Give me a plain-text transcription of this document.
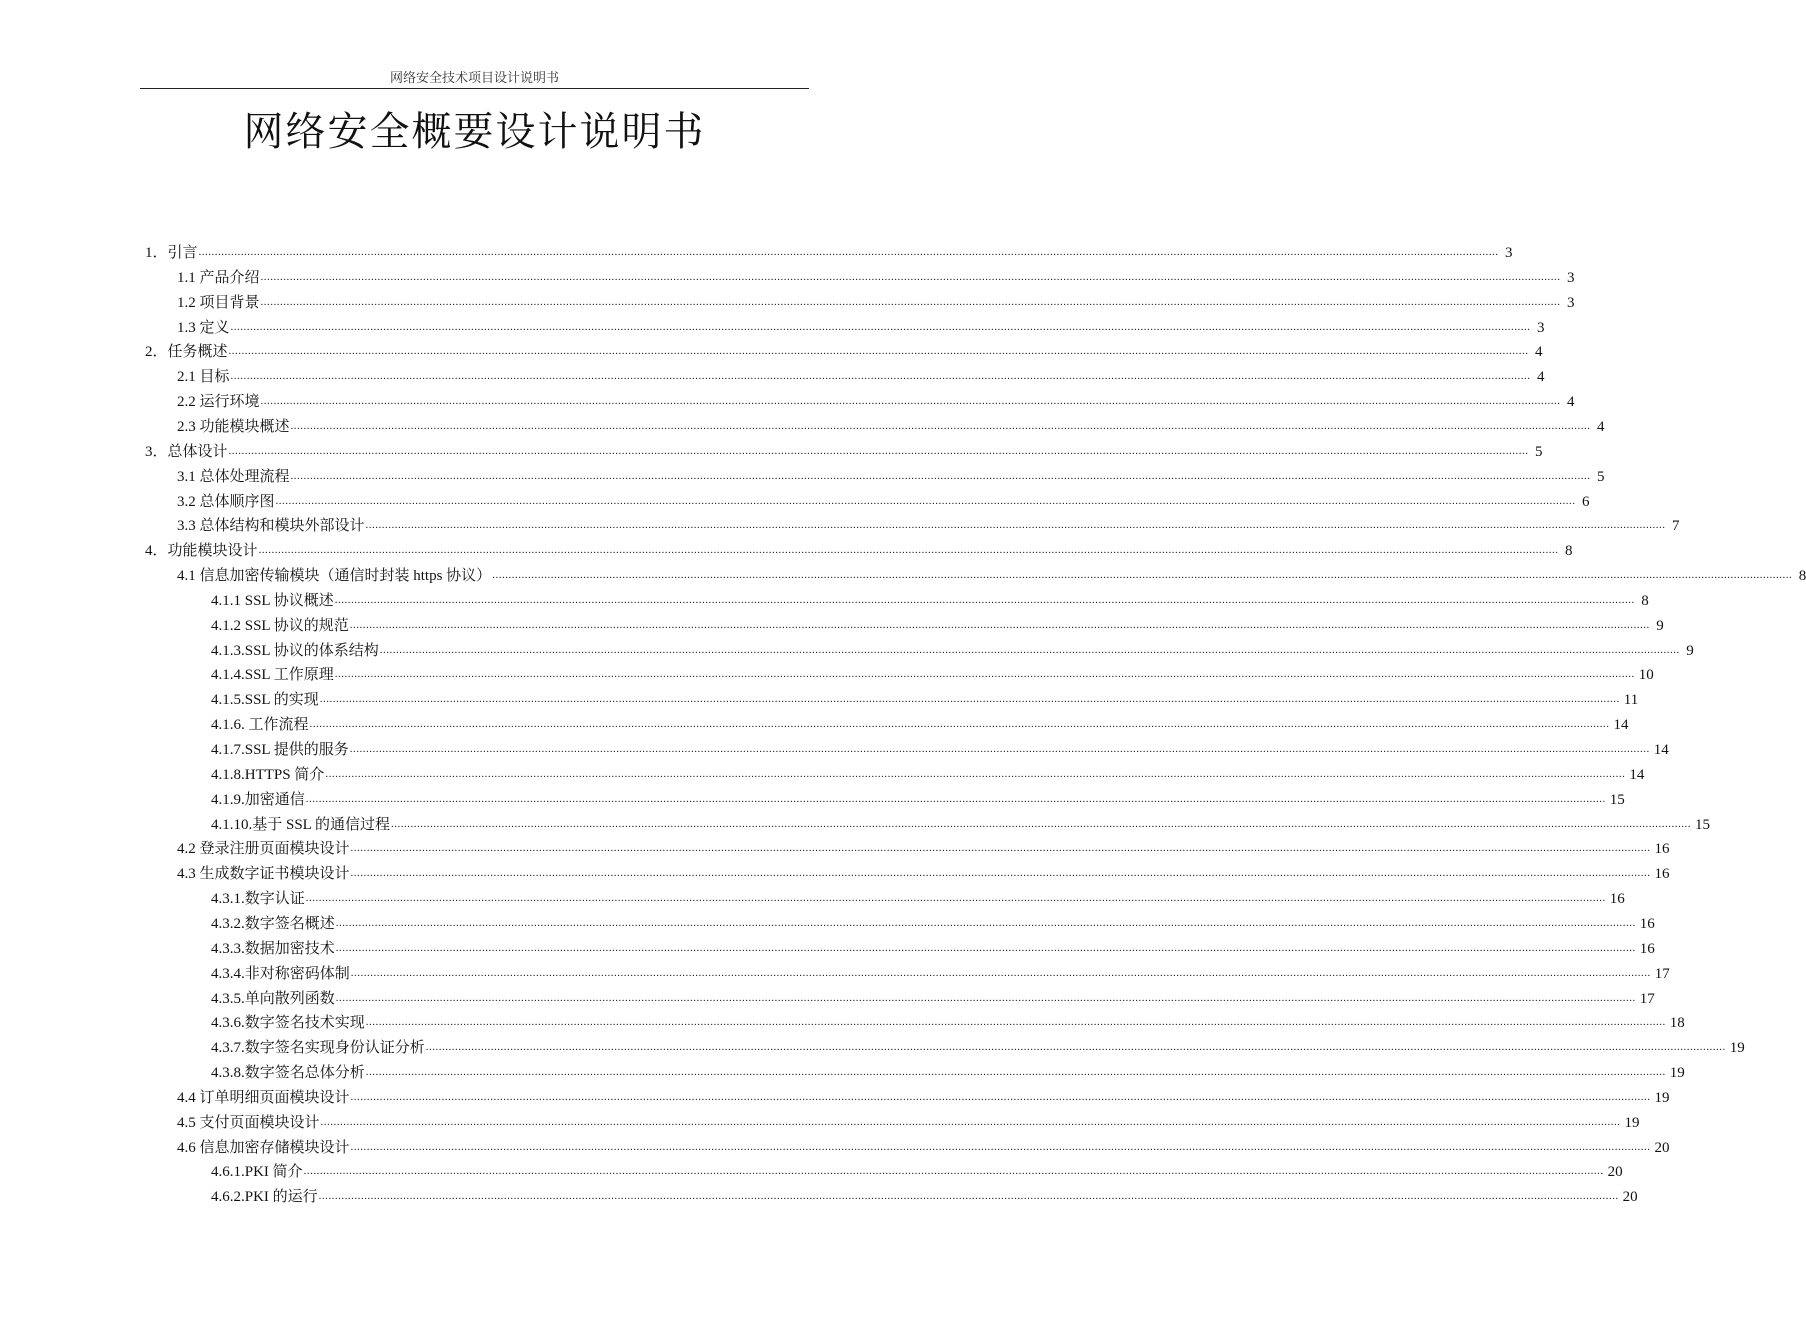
网络安全技术项目设计说明书
网络安全概要设计说明书
1．引言 ................................................................................................................................................................................................................................................................................................................................................................................................................ 3
1.1 产品介绍 ................................................................................................................................................................................................................................................................................................................................................................................................................ 3
1.2 项目背景 ................................................................................................................................................................................................................................................................................................................................................................................................................ 3
1.3 定义 ................................................................................................................................................................................................................................................................................................................................................................................................................ 3
2．任务概述 ................................................................................................................................................................................................................................................................................................................................................................................................................ 4
2.1 目标 ................................................................................................................................................................................................................................................................................................................................................................................................................ 4
2.2 运行环境 ................................................................................................................................................................................................................................................................................................................................................................................................................ 4
2.3 功能模块概述 ................................................................................................................................................................................................................................................................................................................................................................................................................ 4
3．总体设计 ................................................................................................................................................................................................................................................................................................................................................................................................................ 5
3.1 总体处理流程 ................................................................................................................................................................................................................................................................................................................................................................................................................ 5
3.2 总体顺序图 ................................................................................................................................................................................................................................................................................................................................................................................................................ 6
3.3 总体结构和模块外部设计 ................................................................................................................................................................................................................................................................................................................................................................................................................ 7
4．功能模块设计 ................................................................................................................................................................................................................................................................................................................................................................................................................ 8
4.1 信息加密传输模块（通信时封装 https 协议） ................................................................................................................................................................................................................................................................................................................................................................................................................ 8
4.1.1 SSL 协议概述 ................................................................................................................................................................................................................................................................................................................................................................................................................ 8
4.1.2 SSL 协议的规范 ................................................................................................................................................................................................................................................................................................................................................................................................................ 9
4.1.3.SSL 协议的体系结构 ................................................................................................................................................................................................................................................................................................................................................................................................................ 9
4.1.4.SSL 工作原理 ................................................................................................................................................................................................................................................................................................................................................................................................................ 10
4.1.5.SSL 的实现 ................................................................................................................................................................................................................................................................................................................................................................................................................ 11
4.1.6. 工作流程 ................................................................................................................................................................................................................................................................................................................................................................................................................ 14
4.1.7.SSL 提供的服务 ................................................................................................................................................................................................................................................................................................................................................................................................................ 14
4.1.8.HTTPS 简介 ................................................................................................................................................................................................................................................................................................................................................................................................................ 14
4.1.9.加密通信 ................................................................................................................................................................................................................................................................................................................................................................................................................ 15
4.1.10.基于 SSL 的通信过程 ................................................................................................................................................................................................................................................................................................................................................................................................................ 15
4.2 登录注册页面模块设计 ................................................................................................................................................................................................................................................................................................................................................................................................................ 16
4.3 生成数字证书模块设计 ................................................................................................................................................................................................................................................................................................................................................................................................................ 16
4.3.1.数字认证 ................................................................................................................................................................................................................................................................................................................................................................................................................ 16
4.3.2.数字签名概述 ................................................................................................................................................................................................................................................................................................................................................................................................................ 16
4.3.3.数据加密技术 ................................................................................................................................................................................................................................................................................................................................................................................................................ 16
4.3.4.非对称密码体制 ................................................................................................................................................................................................................................................................................................................................................................................................................ 17
4.3.5.单向散列函数 ................................................................................................................................................................................................................................................................................................................................................................................................................ 17
4.3.6.数字签名技术实现 ................................................................................................................................................................................................................................................................................................................................................................................................................ 18
4.3.7.数字签名实现身份认证分析 ................................................................................................................................................................................................................................................................................................................................................................................................................ 19
4.3.8.数字签名总体分析 ................................................................................................................................................................................................................................................................................................................................................................................................................ 19
4.4 订单明细页面模块设计 ................................................................................................................................................................................................................................................................................................................................................................................................................ 19
4.5 支付页面模块设计 ................................................................................................................................................................................................................................................................................................................................................................................................................ 19
4.6 信息加密存储模块设计 ................................................................................................................................................................................................................................................................................................................................................................................................................ 20
4.6.1.PKI 简介 ................................................................................................................................................................................................................................................................................................................................................................................................................ 20
4.6.2.PKI 的运行 ................................................................................................................................................................................................................................................................................................................................................................................................................ 20
